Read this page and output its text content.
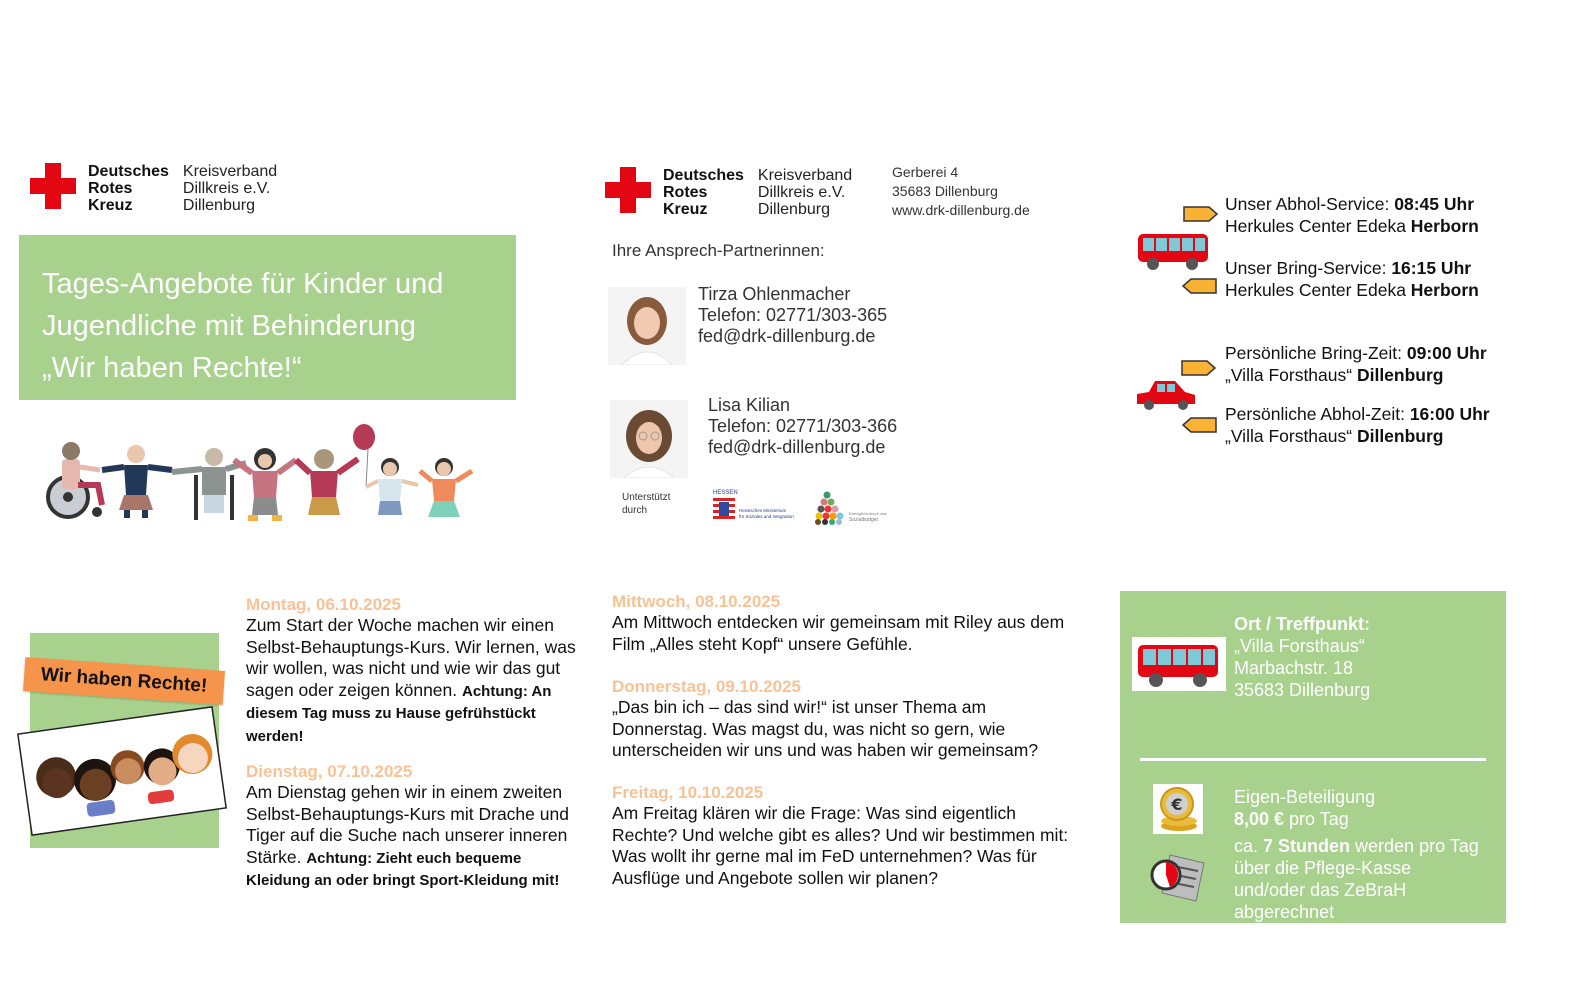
Deutsches
Rotes
Kreuz
Kreisverband
Dillkreis e.V.
Dillenburg
Tages-Angebote für Kinder und
Jugendliche mit Behinderung
„Wir haben Rechte!“
Deutsches
Rotes
Kreuz
Kreisverband
Dillkreis e.V.
Dillenburg
Gerberei 4
35683 Dillenburg
www.drk-dillenburg.de
Ihre Ansprech-Partnerinnen:
Tirza Ohlenmacher
Telefon: 02771/303-365
fed@drk-dillenburg.de
Lisa Kilian
Telefon: 02771/303-366
fed@drk-dillenburg.de
Unterstützt
durch
HESSEN
Hessisches Ministerium
für Soziales und Integration
Ermöglicht durch das
Sozialbudget
Unser Abhol-Service: 08:45 Uhr
Herkules Center Edeka Herborn
Unser Bring-Service: 16:15 Uhr
Herkules Center Edeka Herborn
Persönliche Bring-Zeit: 09:00 Uhr
„Villa Forsthaus“ Dillenburg
Persönliche Abhol-Zeit: 16:00 Uhr
„Villa Forsthaus“ Dillenburg
Wir haben Rechte!
Montag, 06.10.2025
Zum Start der Woche machen wir einen Selbst-Behauptungs-Kurs. Wir lernen, was wir wollen, was nicht und wie wir das gut sagen oder zeigen können. Achtung: An diesem Tag muss zu Hause gefrühstückt werden!
Dienstag, 07.10.2025
Am Dienstag gehen wir in einem zweiten Selbst-Behauptungs-Kurs mit Drache und Tiger auf die Suche nach unserer inneren Stärke. Achtung: Zieht euch bequeme Kleidung an oder bringt Sport-Kleidung mit!
Mittwoch, 08.10.2025
Am Mittwoch entdecken wir gemeinsam mit Riley aus dem Film „Alles steht Kopf“ unsere Gefühle.
Donnerstag, 09.10.2025
„Das bin ich – das sind wir!“ ist unser Thema am Donnerstag. Was magst du, was nicht so gern, wie unterscheiden wir uns und was haben wir gemeinsam?
Freitag, 10.10.2025
Am Freitag klären wir die Frage: Was sind eigentlich Rechte? Und welche gibt es alles? Und wir bestimmen mit: Was wollt ihr gerne mal im FeD unternehmen? Was für Ausflüge und Angebote sollen wir planen?
Ort / Treffpunkt:
„Villa Forsthaus“
Marbachstr. 18
35683 Dillenburg
€	Eigen-Beteiligung
8,00 € pro Tag
ca. 7 Stunden werden pro Tag
über die Pflege-Kasse
und/oder das ZeBraH
abgerechnet
